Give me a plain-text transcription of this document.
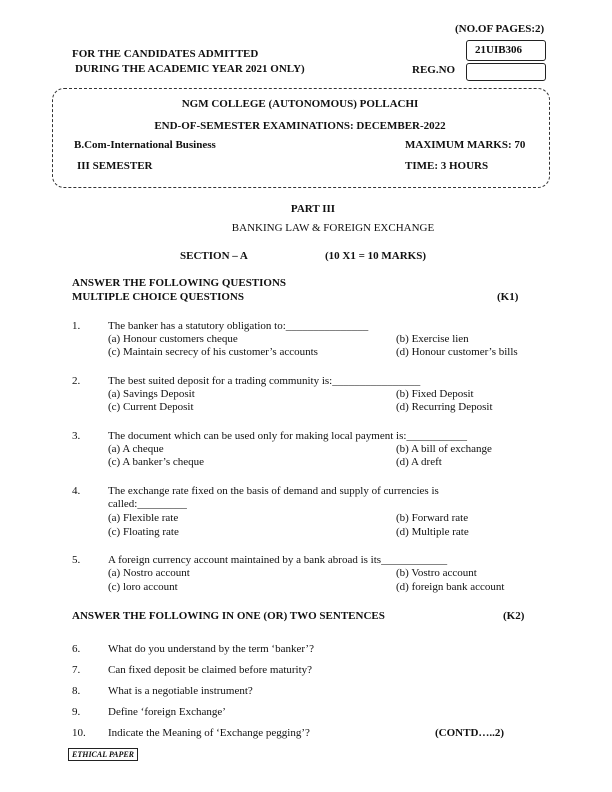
(NO.OF PAGES:2)
21UIB306
FOR THE CANDIDATES ADMITTED
DURING THE ACADEMIC YEAR 2021 ONLY)	REG.NO
NGM COLLEGE (AUTONOMOUS) POLLACHI
END-OF-SEMESTER EXAMINATIONS: DECEMBER-2022
B.Com-International Business	MAXIMUM MARKS: 70
III SEMESTER	TIME: 3 HOURS
PART III
BANKING LAW & FOREIGN EXCHANGE
SECTION – A	(10 X1 = 10 MARKS)
ANSWER THE FOLLOWING QUESTIONS
MULTIPLE CHOICE QUESTIONS	(K1)
1.	The banker has a statutory obligation to:_______________
(a) Honour customers cheque	(b) Exercise lien
(c) Maintain secrecy of his customer’s accounts	(d) Honour customer’s bills
2.	The best suited deposit for a trading community is:________________
(a) Savings Deposit	(b) Fixed Deposit
(c) Current Deposit	(d) Recurring Deposit
3.	The document which can be used only for making local payment is:___________
(a) A cheque	(b) A bill of exchange
(c) A banker’s cheque	(d) A dreft
4.	The exchange rate fixed on the basis of demand and supply of currencies is
called:_________
(a) Flexible rate	(b) Forward rate
(c) Floating rate	(d) Multiple rate
5.	A foreign currency account maintained by a bank abroad is its____________
(a) Nostro account	(b) Vostro account
(c) loro account	(d) foreign bank account
ANSWER THE FOLLOWING IN ONE (OR) TWO SENTENCES	(K2)
6.	What do you understand by the term ‘banker’?
7.	Can fixed deposit be claimed before maturity?
8.	What is a negotiable instrument?
9.	Define ‘foreign Exchange’
10. Indicate the Meaning of ‘Exchange pegging’?	(CONTD…..2)
ETHICAL PAPER
